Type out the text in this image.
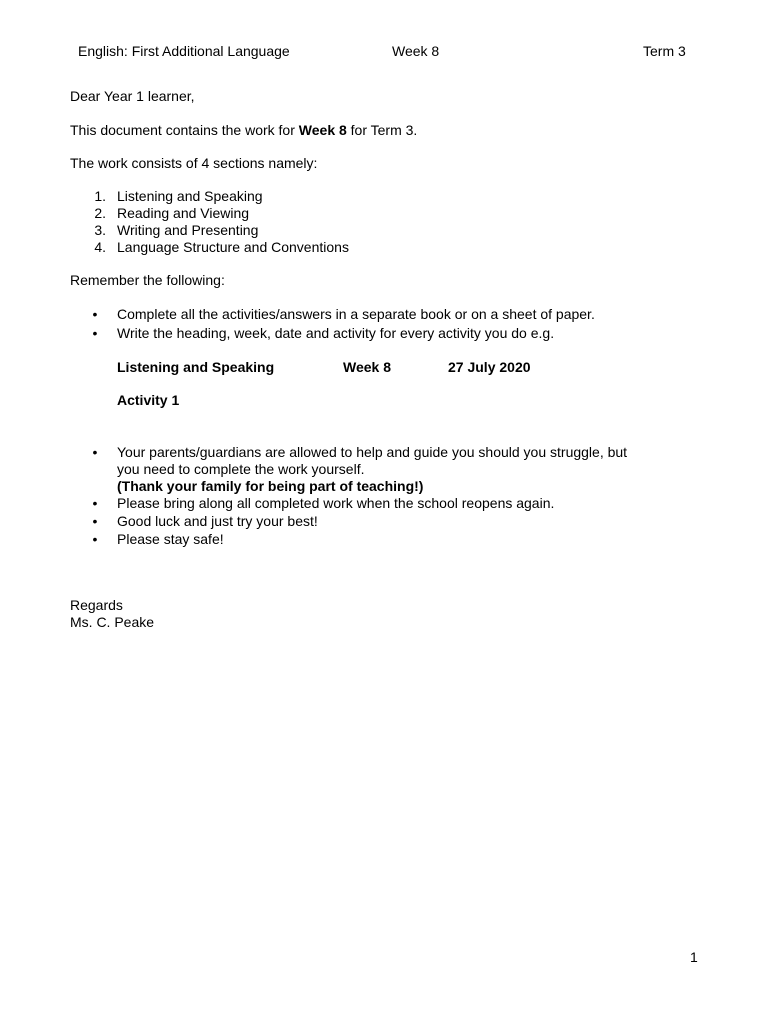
English: First Additional Language	Week 8	Term 3
Dear Year 1 learner,
This document contains the work for Week 8 for Term 3.
The work consists of 4 sections namely:
1. Listening and Speaking
2. Reading and Viewing
3. Writing and Presenting
4. Language Structure and Conventions
Remember the following:
• Complete all the activities/answers in a separate book or on a sheet of paper.
• Write the heading, week, date and activity for every activity you do e.g.
Listening and Speaking	Week 8	27 July 2020
Activity 1
• Your parents/guardians are allowed to help and guide you should you struggle, but
you need to complete the work yourself.
(Thank your family for being part of teaching!)
• Please bring along all completed work when the school reopens again.
• Good luck and just try your best!
• Please stay safe!
Regards
Ms. C. Peake
1
